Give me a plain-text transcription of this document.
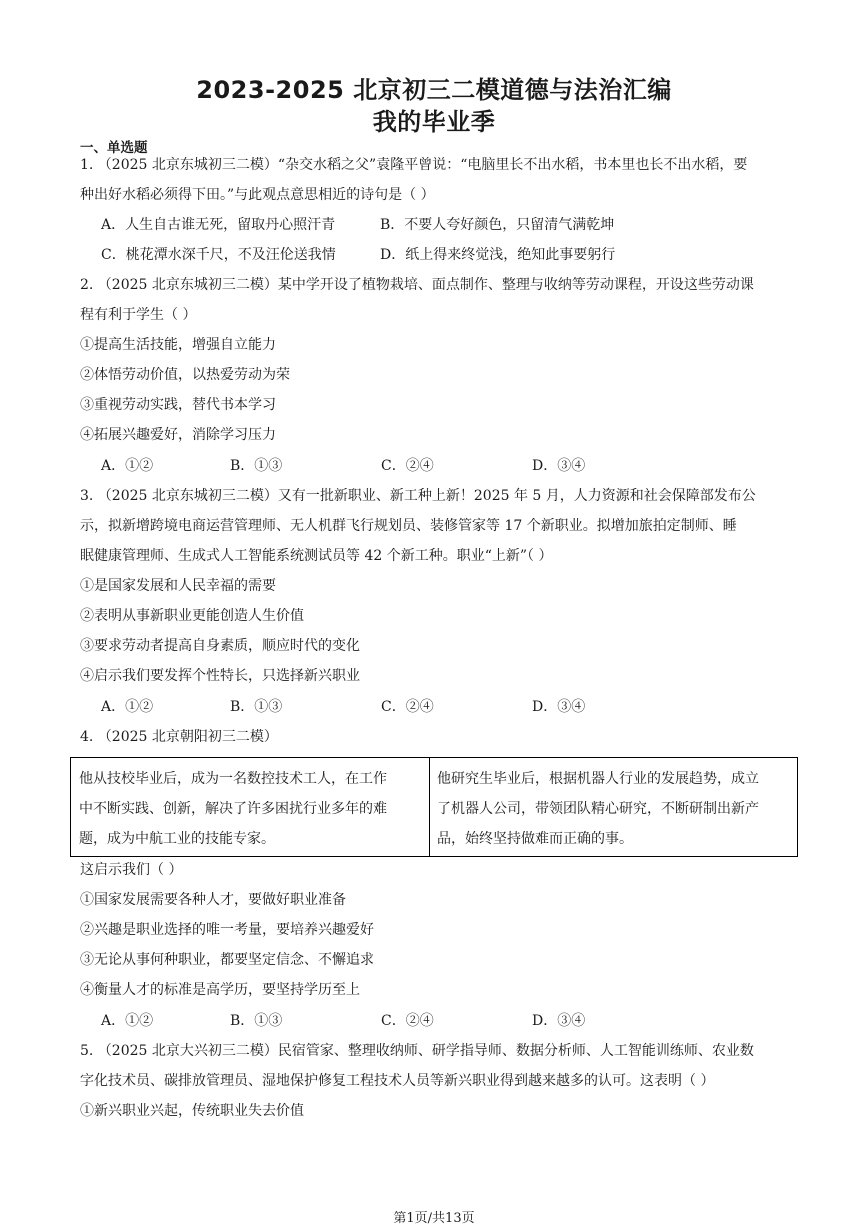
2023-2025 北京初三二模道德与法治汇编
我的毕业季
一、单选题
1. （2025 北京东城初三二模）“杂交水稻之父”袁隆平曾说：“电脑里长不出水稻，书本里也长不出水稻，要
种出好水稻必须得下田。”与此观点意思相近的诗句是（ ）
A．人生自古谁无死，留取丹心照汗青	B．不要人夸好颜色，只留清气满乾坤
C．桃花潭水深千尺，不及汪伦送我情	D．纸上得来终觉浅，绝知此事要躬行
2. （2025 北京东城初三二模）某中学开设了植物栽培、面点制作、整理与收纳等劳动课程，开设这些劳动课
程有利于学生（ ）
①提高生活技能，增强自立能力
②体悟劳动价值，以热爱劳动为荣
③重视劳动实践，替代书本学习
④拓展兴趣爱好，消除学习压力
A．①②	B．①③	C．②④	D．③④
3. （2025 北京东城初三二模）又有一批新职业、新工种上新！2025 年 5 月，人力资源和社会保障部发布公
示，拟新增跨境电商运营管理师、无人机群飞行规划员、装修管家等 17 个新职业。拟增加旅拍定制师、睡
眠健康管理师、生成式人工智能系统测试员等 42 个新工种。职业“上新”（ ）
①是国家发展和人民幸福的需要
②表明从事新职业更能创造人生价值
③要求劳动者提高自身素质，顺应时代的变化
④启示我们要发挥个性特长，只选择新兴职业
A．①②	B．①③	C．②④	D．③④
4. （2025 北京朝阳初三二模）
他从技校毕业后，成为一名数控技术工人，在工作
中不断实践、创新，解决了许多困扰行业多年的难
题，成为中航工业的技能专家。
他研究生毕业后，根据机器人行业的发展趋势，成立
了机器人公司，带领团队精心研究，不断研制出新产
品，始终坚持做难而正确的事。
这启示我们（ ）
①国家发展需要各种人才，要做好职业准备
②兴趣是职业选择的唯一考量，要培养兴趣爱好
③无论从事何种职业，都要坚定信念、不懈追求
④衡量人才的标准是高学历，要坚持学历至上
A．①②	B．①③	C．②④	D．③④
5. （2025 北京大兴初三二模）民宿管家、整理收纳师、研学指导师、数据分析师、人工智能训练师、农业数
字化技术员、碳排放管理员、湿地保护修复工程技术人员等新兴职业得到越来越多的认可。这表明（ ）
①新兴职业兴起，传统职业失去价值
第1页/共13页
